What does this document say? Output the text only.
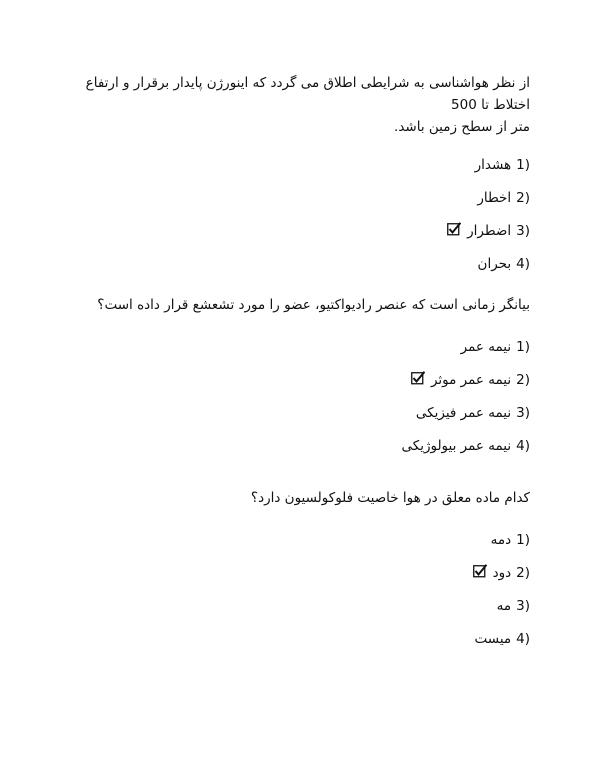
از نظر هواشناسی به شرایطی اطلاق می گردد که اینورژن پایدار برقرار و ارتفاع اختلاط تا 500
متر از سطح زمین باشد.

1)
هشدار
2)
اخطار
3)
اضطرار
4)
بحران

بیانگر زمانی است که عنصر رادیواکتیو، عضو را مورد تشعشع قرار داده است؟

1)
نیمه عمر
2)
نیمه عمر موثر
3)
نیمه عمر فیزیکی
4)
نیمه عمر بیولوژیکی

کدام ماده معلق در هوا خاصیت فلوکولسیون دارد؟

1)
دمه
2)
دود
3)
مه
4)
میست
